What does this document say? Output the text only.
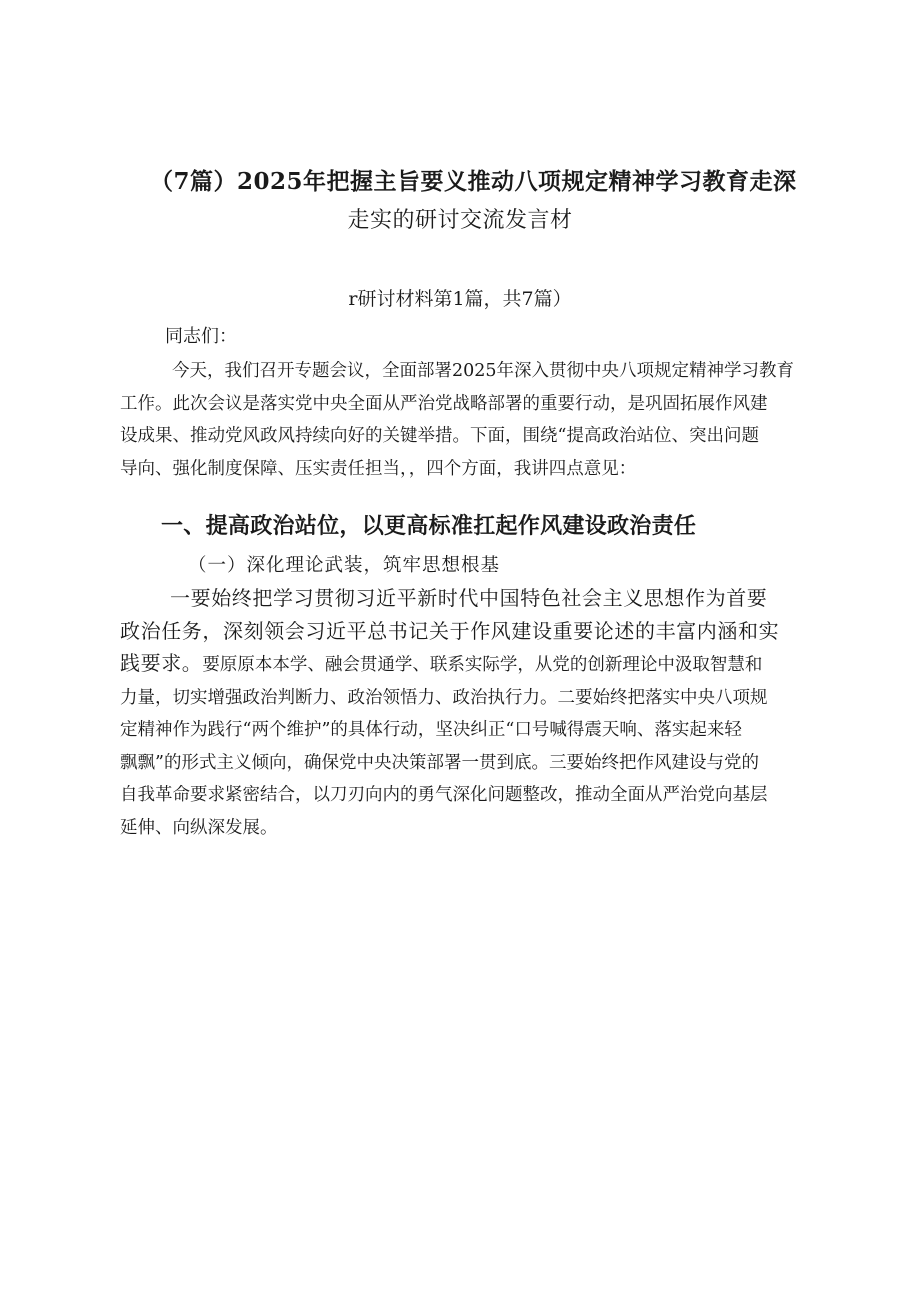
（7篇）2025年把握主旨要义推动八项规定精神学习教育走深
走实的研讨交流发言材
r研讨材料第1篇，共7篇）
同志们：
今天，我们召开专题会议，全面部署2025年深入贯彻中央八项规定精神学习教育
工作。此次会议是落实党中央全面从严治党战略部署的重要行动，是巩固拓展作风建
设成果、推动党风政风持续向好的关键举措。下面，围绕“提高政治站位、突出问题
导向、强化制度保障、压实责任担当，，四个方面，我讲四点意见：
一、提高政治站位，以更高标准扛起作风建设政治责任
（一）深化理论武装，筑牢思想根基
一要始终把学习贯彻习近平新时代中国特色社会主义思想作为首要
政治任务，深刻领会习近平总书记关于作风建设重要论述的丰富内涵和实
践要求。要原原本本学、融会贯通学、联系实际学，从党的创新理论中汲取智慧和
力量，切实增强政治判断力、政治领悟力、政治执行力。二要始终把落实中央八项规
定精神作为践行“两个维护”的具体行动，坚决纠正“口号喊得震天响、落实起来轻
飘飘”的形式主义倾向，确保党中央决策部署一贯到底。三要始终把作风建设与党的
自我革命要求紧密结合，以刀刃向内的勇气深化问题整改，推动全面从严治党向基层
延伸、向纵深发展。
